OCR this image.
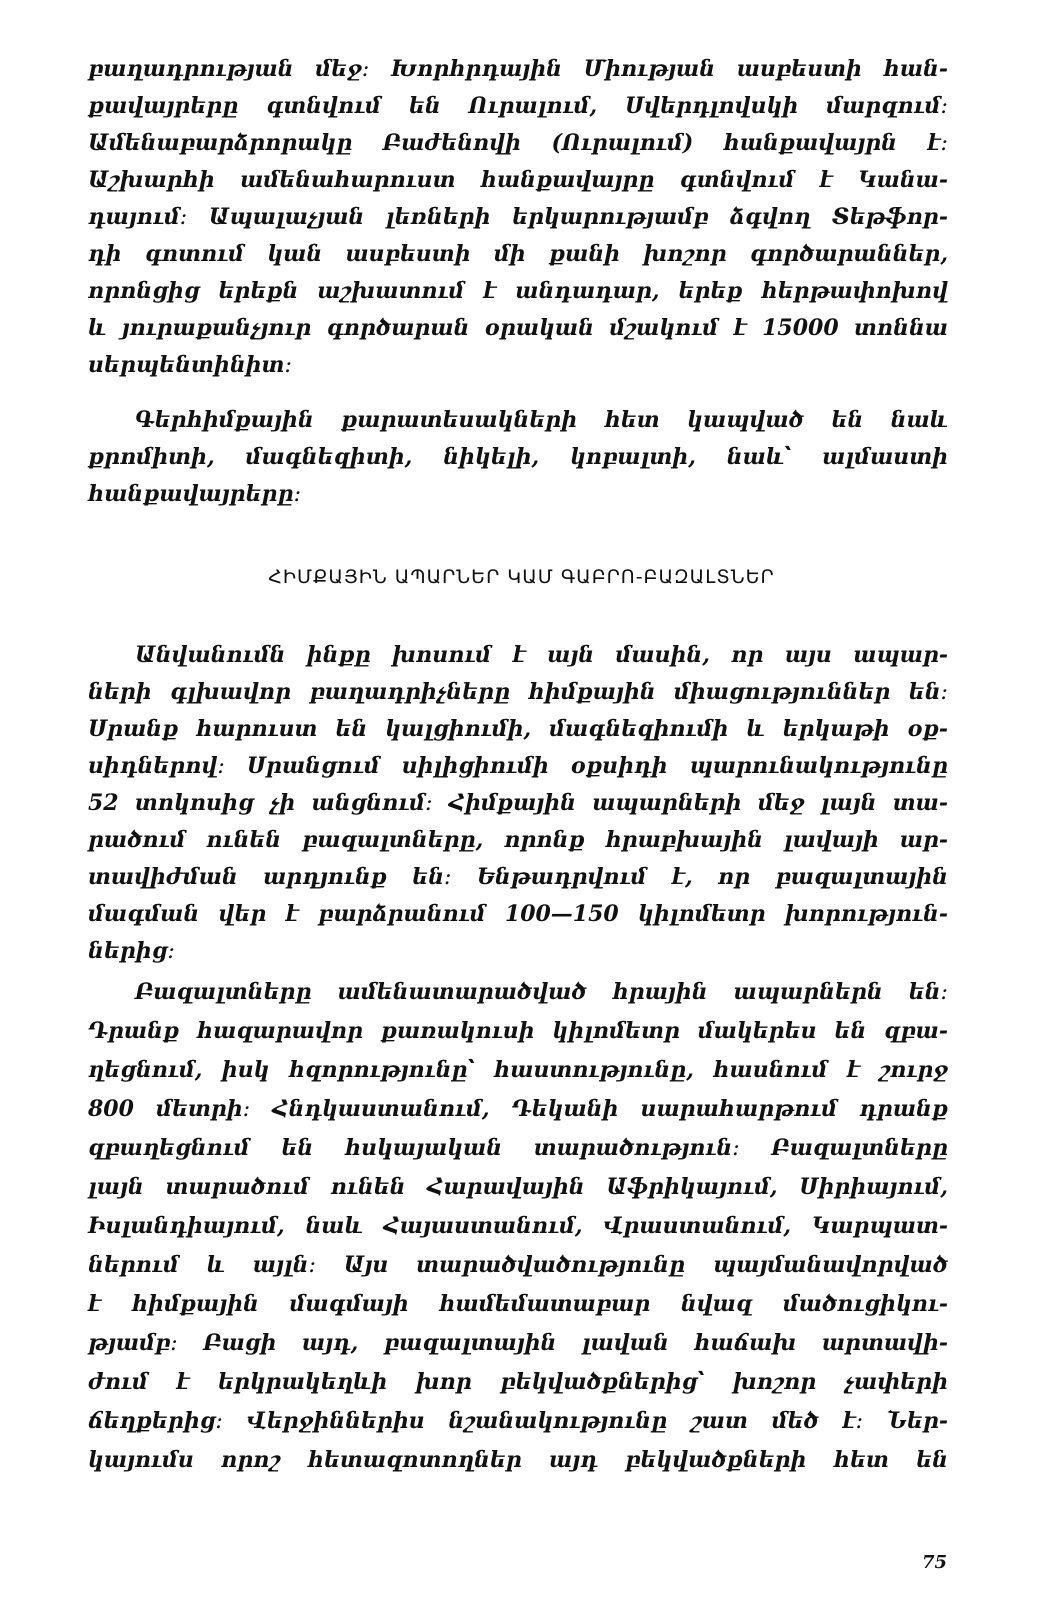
բաղադրության մեջ։ Խորհրդային Միության ասբեստի հան-
քավայրերը գտնվում են Ուրալում, Սվերդլովսկի մարզում։
Ամենաբարձրորակը Բաժենովի (Ուրալում) հանքավայրն է։
Աշխարհի ամենահարուստ հանքավայրը գտնվում է Կանա-
դայում։ Ապալաչյան լեռների երկարությամբ ձգվող Տեթֆոր-
դի գոտում կան ասբեստի մի քանի խոշոր գործարաններ,
որոնցից երեքն աշխատում է անդադար, երեք հերթափոխով
և յուրաքանչյուր գործարան օրական մշակում է 15000 տոննա
սերպենտինիտ։
Գերհիմքային քարատեսակների հետ կապված են նաև
քրոմիտի, մագնեզիտի, նիկելի, կոբալտի, նաև՝ ալմաստի
հանքավայրերը։
ՀԻՄՔԱՅԻՆ ԱՊԱՐՆԵՐ ԿԱՄ ԳԱԲՐՈ-ԲԱԶԱԼՏՆԵՐ
Անվանումն ինքը խոսում է այն մասին, որ այս ապար-
ների գլխավոր բաղադրիչները հիմքային միացություններ են։
Սրանք հարուստ են կալցիումի, մագնեզիումի և երկաթի օք-
սիդներով։ Սրանցում սիլիցիումի օքսիդի պարունակությունը
52 տոկոսից չի անցնում։ Հիմքային ապարների մեջ լայն տա-
րածում ունեն բազալտները, որոնք հրաբխային լավայի ար-
տավիժման արդյունք են։ Ենթադրվում է, որ բազալտային
մագման վեր է բարձրանում 100—150 կիլոմետր խորություն-
ներից։
Բազալտները ամենատարածված հրային ապարներն են։
Դրանք հազարավոր քառակուսի կիլոմետր մակերես են զբա-
ղեցնում, իսկ հզորությունը՝ հաստությունը, հասնում է շուրջ
800 մետրի։ Հնդկաստանում, Դեկանի սարահարթում դրանք
զբաղեցնում են հսկայական տարածություն։ Բազալտները
լայն տարածում ունեն Հարավային Աֆրիկայում, Սիրիայում,
Իսլանդիայում, նաև Հայաստանում, Վրաստանում, Կարպատ-
ներում և այլն։ Այս տարածվածությունը պայմանավորված
է հիմքային մագմայի համեմատաբար նվազ մածուցիկու-
թյամբ։ Բացի այդ, բազալտային լավան հաճախ արտավի-
ժում է երկրակեղևի խոր բեկվածքներից՝ խոշոր չափերի
ճեղքերից։ Վերջիններիս նշանակությունը շատ մեծ է։ Ներ-
կայումս որոշ հետազոտողներ այդ բեկվածքների հետ են
75
